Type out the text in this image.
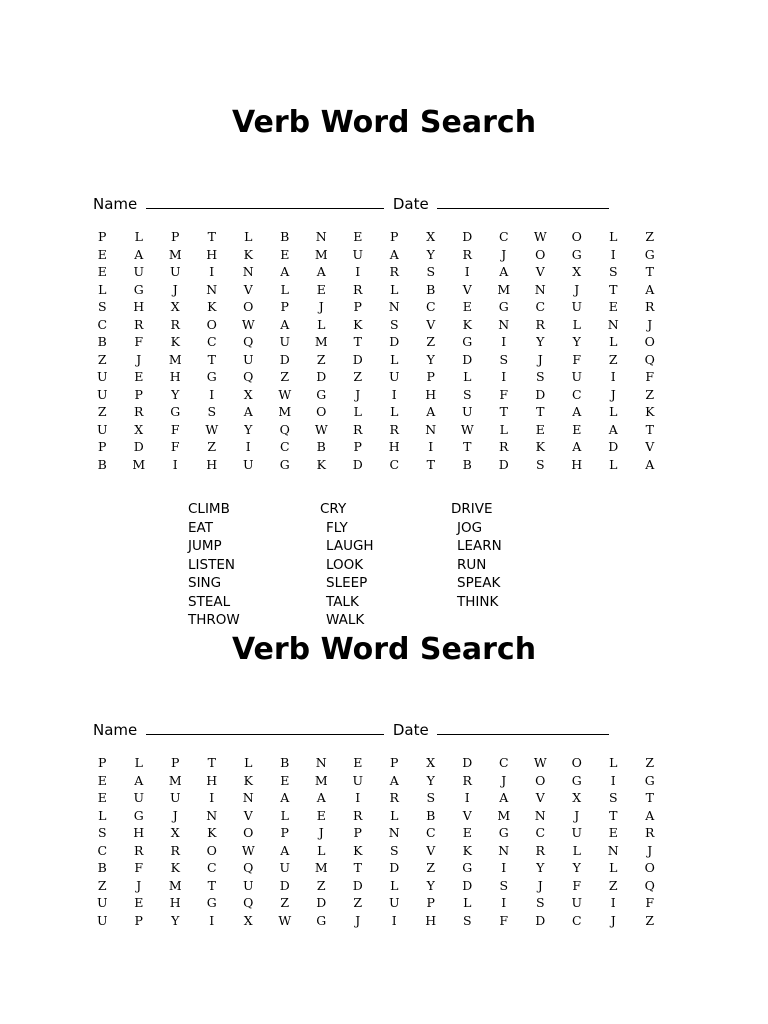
Verb Word Search
Name	Date
P	L	P	T	L	B	N	E	P	X	D	C	W	O	L	Z
E	A	M	H	K	E	M	U	A	Y	R	J	O	G	I	G
E	U	U	I	N	A	A	I	R	S	I	A	V	X	S	T
L	G	J	N	V	L	E	R	L	B	V	M	N	J	T	A
S	H	X	K	O	P	J	P	N	C	E	G	C	U	E	R
C	R	R	O	W	A	L	K	S	V	K	N	R	L	N	J
B	F	K	C	Q	U	M	T	D	Z	G	I	Y	Y	L	O
Z	J	M	T	U	D	Z	D	L	Y	D	S	J	F	Z	Q
U	E	H	G	Q	Z	D	Z	U	P	L	I	S	U	I	F
U	P	Y	I	X	W	G	J	I	H	S	F	D	C	J	Z
Z	R	G	S	A	M	O	L	L	A	U	T	T	A	L	K
U	X	F	W	Y	Q	W	R	R	N	W	L	E	E	A	T
P	D	F	Z	I	C	B	P	H	I	T	R	K	A	D	V
B	M	I	H	U	G	K	D	C	T	B	D	S	H	L	A
CLIMB
EAT
JUMP
LISTEN
SING
STEAL
THROW
CRY
FLY
LAUGH
LOOK
SLEEP
TALK
WALK
DRIVE
JOG
LEARN
RUN
SPEAK
THINK
Verb Word Search
Name	Date
P	L	P	T	L	B	N	E	P	X	D	C	W	O	L	Z
E	A	M	H	K	E	M	U	A	Y	R	J	O	G	I	G
E	U	U	I	N	A	A	I	R	S	I	A	V	X	S	T
L	G	J	N	V	L	E	R	L	B	V	M	N	J	T	A
S	H	X	K	O	P	J	P	N	C	E	G	C	U	E	R
C	R	R	O	W	A	L	K	S	V	K	N	R	L	N	J
B	F	K	C	Q	U	M	T	D	Z	G	I	Y	Y	L	O
Z	J	M	T	U	D	Z	D	L	Y	D	S	J	F	Z	Q
U	E	H	G	Q	Z	D	Z	U	P	L	I	S	U	I	F
U	P	Y	I	X	W	G	J	I	H	S	F	D	C	J	Z
